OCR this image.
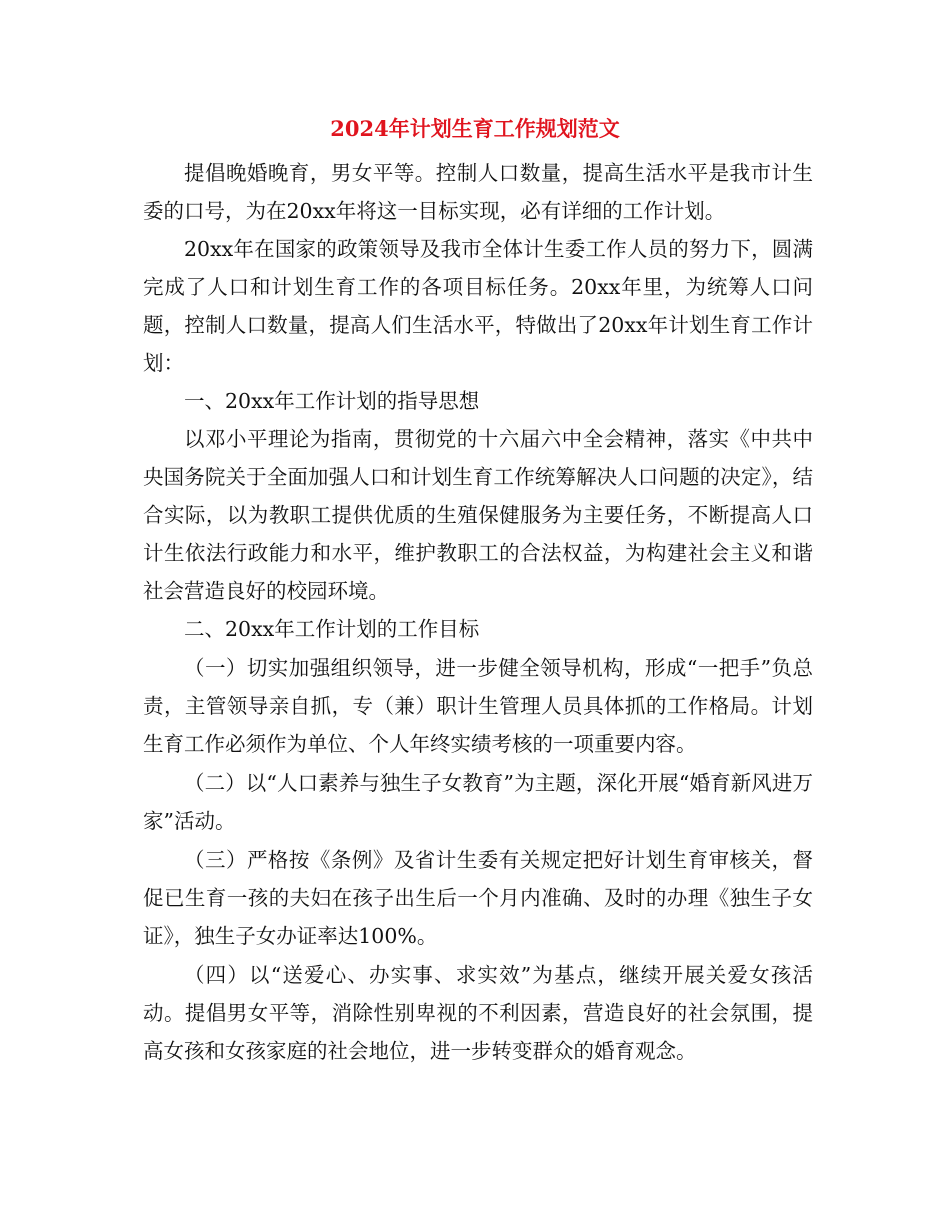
2024年计划生育工作规划范文

提倡晚婚晚育，男女平等。控制人口数量，提高生活水平是我市计生委的口号，为在20xx年将这一目标实现，必有详细的工作计划。

20xx年在国家的政策领导及我市全体计生委工作人员的努力下，圆满完成了人口和计划生育工作的各项目标任务。20xx年里，为统筹人口问题，控制人口数量，提高人们生活水平，特做出了20xx年计划生育工作计划：

一、20xx年工作计划的指导思想

以邓小平理论为指南，贯彻党的十六届六中全会精神，落实《中共中央国务院关于全面加强人口和计划生育工作统筹解决人口问题的决定》，结合实际，以为教职工提供优质的生殖保健服务为主要任务，不断提高人口计生依法行政能力和水平，维护教职工的合法权益，为构建社会主义和谐社会营造良好的校园环境。

二、20xx年工作计划的工作目标

（一）切实加强组织领导，进一步健全领导机构，形成“一把手”负总责，主管领导亲自抓，专（兼）职计生管理人员具体抓的工作格局。计划生育工作必须作为单位、个人年终实绩考核的一项重要内容。

（二）以“人口素养与独生子女教育”为主题，深化开展“婚育新风进万家”活动。

（三）严格按《条例》及省计生委有关规定把好计划生育审核关，督促已生育一孩的夫妇在孩子出生后一个月内准确、及时的办理《独生子女证》，独生子女办证率达100%。

（四）以“送爱心、办实事、求实效”为基点，继续开展关爱女孩活动。提倡男女平等，消除性别卑视的不利因素，营造良好的社会氛围，提高女孩和女孩家庭的社会地位，进一步转变群众的婚育观念。
